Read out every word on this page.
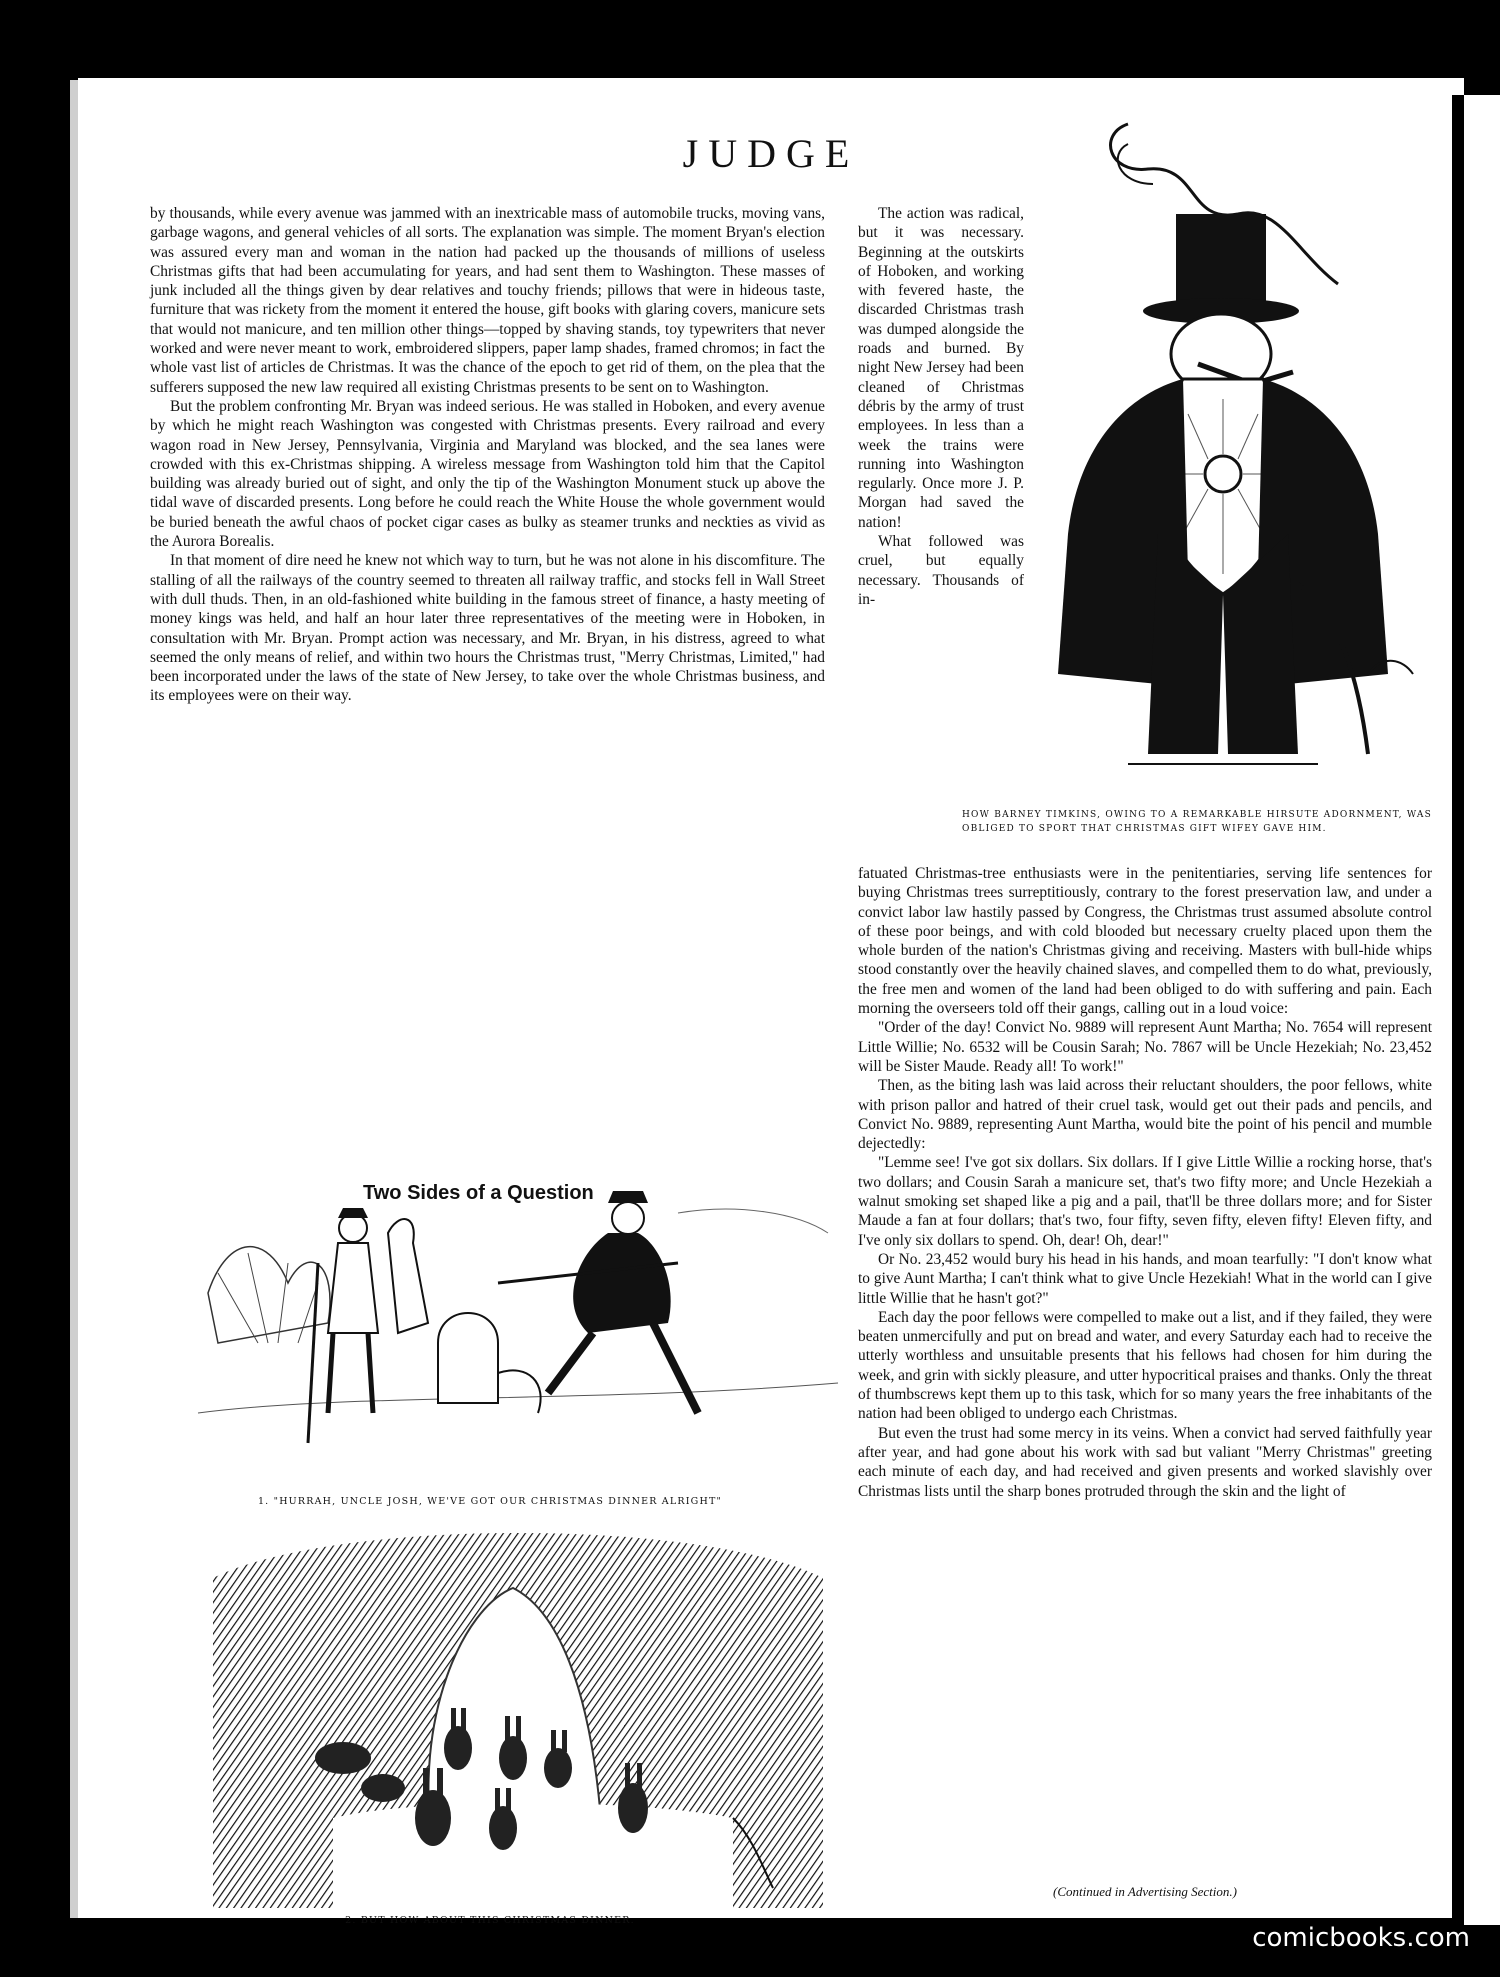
JUDGE

by thousands, while every avenue was jammed with an inextricable mass of automobile trucks, moving vans, garbage wagons, and general vehicles of all sorts. The explanation was simple. The moment Bryan's election was assured every man and woman in the nation had packed up the thousands of millions of useless Christmas gifts that had been accumulating for years, and had sent them to Washington. These masses of junk included all the things given by dear relatives and touchy friends; pillows that were in hideous taste, furniture that was rickety from the moment it entered the house, gift books with glaring covers, manicure sets that would not manicure, and ten million other things—topped by shaving stands, toy typewriters that never worked and were never meant to work, embroidered slippers, paper lamp shades, framed chromos; in fact the whole vast list of articles de Christmas. It was the chance of the epoch to get rid of them, on the plea that the sufferers supposed the new law required all existing Christmas presents to be sent on to Washington.

But the problem confronting Mr. Bryan was indeed serious. He was stalled in Hoboken, and every avenue by which he might reach Washington was congested with Christmas presents. Every railroad and every wagon road in New Jersey, Pennsylvania, Virginia and Maryland was blocked, and the sea lanes were crowded with this ex-Christmas shipping. A wireless message from Washington told him that the Capitol building was already buried out of sight, and only the tip of the Washington Monument stuck up above the tidal wave of discarded presents. Long before he could reach the White House the whole government would be buried beneath the awful chaos of pocket cigar cases as bulky as steamer trunks and neckties as vivid as the Aurora Borealis.

In that moment of dire need he knew not which way to turn, but he was not alone in his discomfiture. The stalling of all the railways of the country seemed to threaten all railway traffic, and stocks fell in Wall Street with dull thuds. Then, in an old-fashioned white building in the famous street of finance, a hasty meeting of money kings was held, and half an hour later three representatives of the meeting were in Hoboken, in consultation with Mr. Bryan. Prompt action was necessary, and Mr. Bryan, in his distress, agreed to what seemed the only means of relief, and within two hours the Christmas trust, "Merry Christmas, Limited," had been incorporated under the laws of the state of New Jersey, to take over the whole Christmas business, and its employees were on their way.

The action was radical, but it was necessary. Beginning at the outskirts of Hoboken, and working with fevered haste, the discarded Christmas trash was dumped alongside the roads and burned. By night New Jersey had been cleaned of Christmas débris by the army of trust employees. In less than a week the trains were running into Washington regularly. Once more J. P. Morgan had saved the nation!

What followed was cruel, but equally necessary. Thousands of in-

HOW BARNEY TIMKINS, OWING TO A REMARKABLE HIRSUTE ADORNMENT, WAS OBLIGED TO SPORT THAT CHRISTMAS GIFT WIFEY GAVE HIM.

fatuated Christmas-tree enthusiasts were in the penitentiaries, serving life sentences for buying Christmas trees surreptitiously, contrary to the forest preservation law, and under a convict labor law hastily passed by Congress, the Christmas trust assumed absolute control of these poor beings, and with cold blooded but necessary cruelty placed upon them the whole burden of the nation's Christmas giving and receiving. Masters with bull-hide whips stood constantly over the heavily chained slaves, and compelled them to do what, previously, the free men and women of the land had been obliged to do with suffering and pain. Each morning the overseers told off their gangs, calling out in a loud voice:

"Order of the day! Convict No. 9889 will represent Aunt Martha; No. 7654 will represent Little Willie; No. 6532 will be Cousin Sarah; No. 7867 will be Uncle Hezekiah; No. 23,452 will be Sister Maude. Ready all! To work!"

Then, as the biting lash was laid across their reluctant shoulders, the poor fellows, white with prison pallor and hatred of their cruel task, would get out their pads and pencils, and Convict No. 9889, representing Aunt Martha, would bite the point of his pencil and mumble dejectedly:

"Lemme see! I've got six dollars. Six dollars. If I give Little Willie a rocking horse, that's two dollars; and Cousin Sarah a manicure set, that's two fifty more; and Uncle Hezekiah a walnut smoking set shaped like a pig and a pail, that'll be three dollars more; and for Sister Maude a fan at four dollars; that's two, four fifty, seven fifty, eleven fifty! Eleven fifty, and I've only six dollars to spend. Oh, dear! Oh, dear!"

Or No. 23,452 would bury his head in his hands, and moan tearfully: "I don't know what to give Aunt Martha; I can't think what to give Uncle Hezekiah! What in the world can I give little Willie that he hasn't got?"

Each day the poor fellows were compelled to make out a list, and if they failed, they were beaten unmercifully and put on bread and water, and every Saturday each had to receive the utterly worthless and unsuitable presents that his fellows had chosen for him during the week, and grin with sickly pleasure, and utter hypocritical praises and thanks. Only the threat of thumbscrews kept them up to this task, which for so many years the free inhabitants of the nation had been obliged to undergo each Christmas.

But even the trust had some mercy in its veins. When a convict had served faithfully year after year, and had gone about his work with sad but valiant "Merry Christmas" greeting each minute of each day, and had received and given presents and worked slavishly over Christmas lists until the sharp bones protruded through the skin and the light of

(Continued in Advertising Section.)
Two Sides of a Question
1. "HURRAH, UNCLE JOSH, WE'VE GOT OUR CHRISTMAS DINNER ALRIGHT"
2. BUT HOW ABOUT THIS CHRISTMAS DINNER.
comicbooks.com
